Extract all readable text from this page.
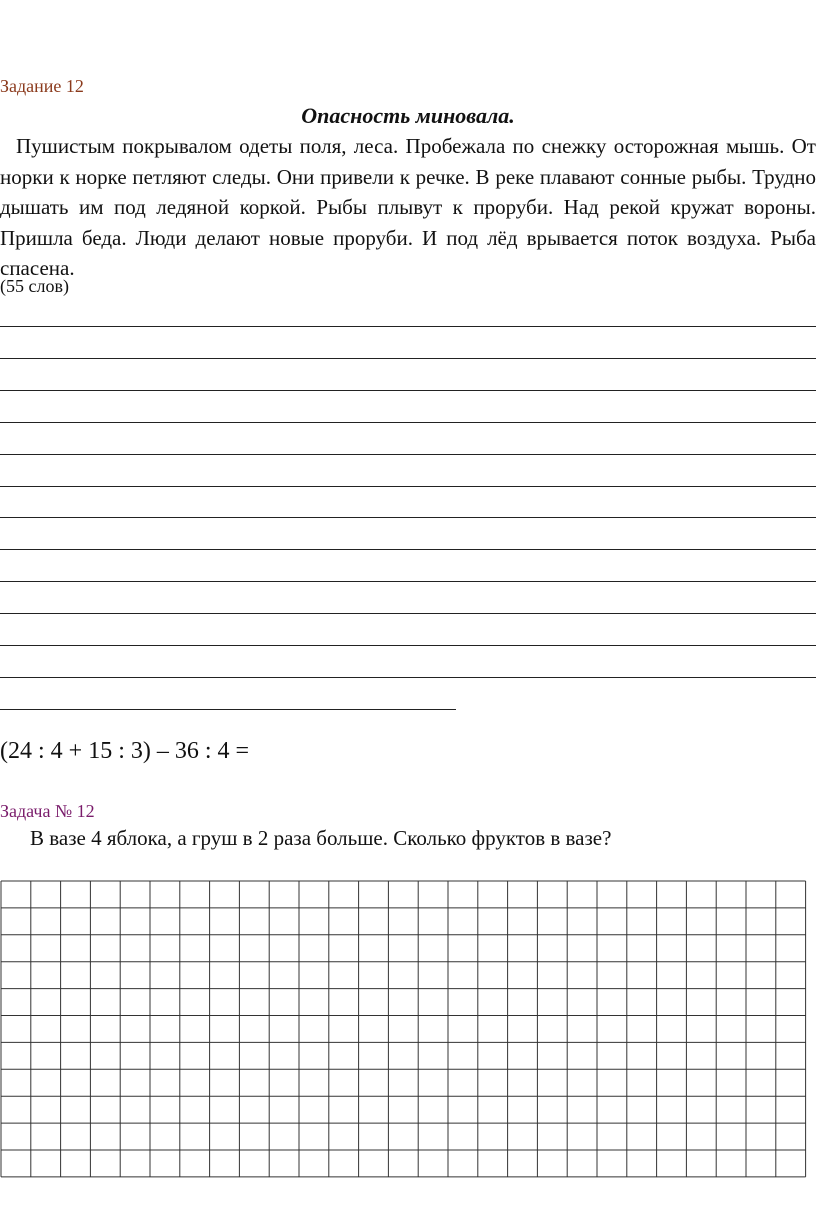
Задание 12
Опасность миновала.
Пушистым покрывалом одеты поля, леса. Пробежала по снежку осторожная мышь. От норки к норке петляют следы. Они привели к речке. В реке плавают сонные рыбы. Трудно дышать им под ледяной коркой. Рыбы плывут к проруби. Над рекой кружат вороны. Пришла беда. Люди делают новые проруби. И под лёд врывается поток воздуха. Рыба спасена.
(55 слов)
(24 : 4 + 15 : 3) – 36 : 4 =
Задача № 12
В вазе 4 яблока, а груш в 2 раза больше. Сколько фруктов в вазе?
